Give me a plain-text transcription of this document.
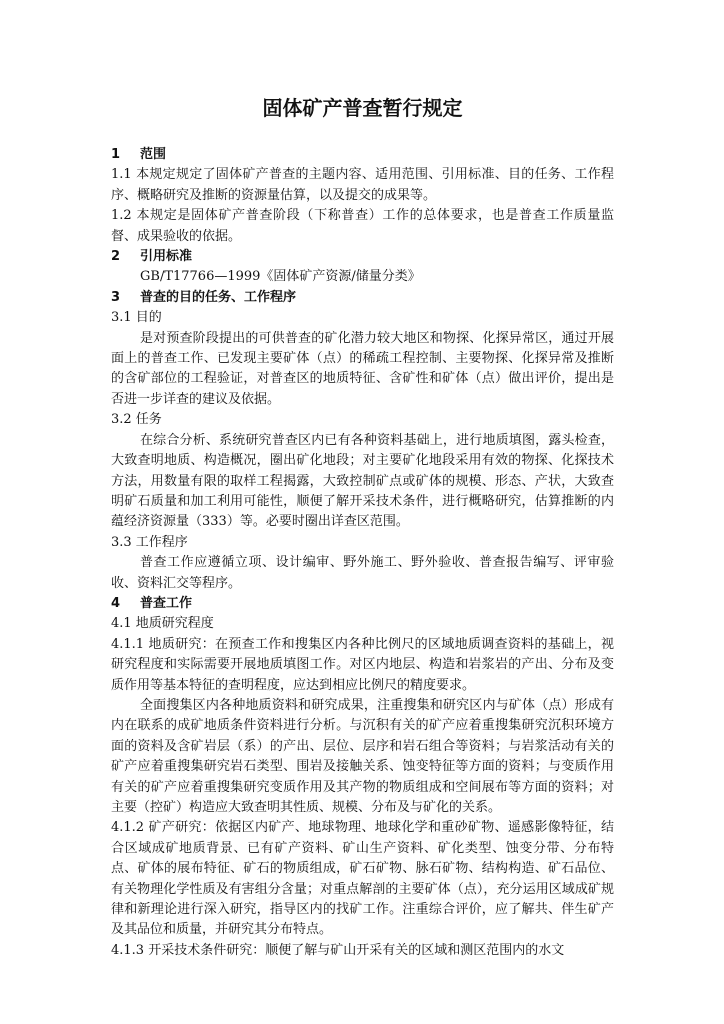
固体矿产普查暂行规定
1 范围
1.1 本规定规定了固体矿产普查的主题内容、适用范围、引用标准、目的任务、工作程序、概略研究及推断的资源量估算，以及提交的成果等。
1.2 本规定是固体矿产普查阶段（下称普查）工作的总体要求，也是普查工作质量监督、成果验收的依据。
2 引用标准
GB/T17766—1999《固体矿产资源/储量分类》
3 普查的目的任务、工作程序
3.1 目的
是对预查阶段提出的可供普查的矿化潜力较大地区和物探、化探异常区，通过开展面上的普查工作、已发现主要矿体（点）的稀疏工程控制、主要物探、化探异常及推断的含矿部位的工程验证，对普查区的地质特征、含矿性和矿体（点）做出评价，提出是否进一步详查的建议及依据。
3.2 任务
在综合分析、系统研究普查区内已有各种资料基础上，进行地质填图，露头检查，大致查明地质、构造概况，圈出矿化地段；对主要矿化地段采用有效的物探、化探技术方法，用数量有限的取样工程揭露，大致控制矿点或矿体的规模、形态、产状，大致查明矿石质量和加工利用可能性，顺便了解开采技术条件，进行概略研究，估算推断的内蕴经济资源量（333）等。必要时圈出详查区范围。
3.3 工作程序
普查工作应遵循立项、设计编审、野外施工、野外验收、普查报告编写、评审验收、资料汇交等程序。
4 普查工作
4.1 地质研究程度
4.1.1 地质研究：在预查工作和搜集区内各种比例尺的区域地质调查资料的基础上，视研究程度和实际需要开展地质填图工作。对区内地层、构造和岩浆岩的产出、分布及变质作用等基本特征的查明程度，应达到相应比例尺的精度要求。
全面搜集区内各种地质资料和研究成果，注重搜集和研究区内与矿体（点）形成有内在联系的成矿地质条件资料进行分析。与沉积有关的矿产应着重搜集研究沉积环境方面的资料及含矿岩层（系）的产出、层位、层序和岩石组合等资料；与岩浆活动有关的矿产应着重搜集研究岩石类型、围岩及接触关系、蚀变特征等方面的资料；与变质作用有关的矿产应着重搜集研究变质作用及其产物的物质组成和空间展布等方面的资料；对主要（控矿）构造应大致查明其性质、规模、分布及与矿化的关系。
4.1.2 矿产研究：依据区内矿产、地球物理、地球化学和重砂矿物、遥感影像特征，结合区域成矿地质背景、已有矿产资料、矿山生产资料、矿化类型、蚀变分带、分布特点、矿体的展布特征、矿石的物质组成，矿石矿物、脉石矿物、结构构造、矿石品位、有关物理化学性质及有害组分含量；对重点解剖的主要矿体（点），充分运用区域成矿规律和新理论进行深入研究，指导区内的找矿工作。注重综合评价，应了解共、伴生矿产及其品位和质量，并研究其分布特点。
4.1.3 开采技术条件研究：顺便了解与矿山开采有关的区域和测区范围内的水文
